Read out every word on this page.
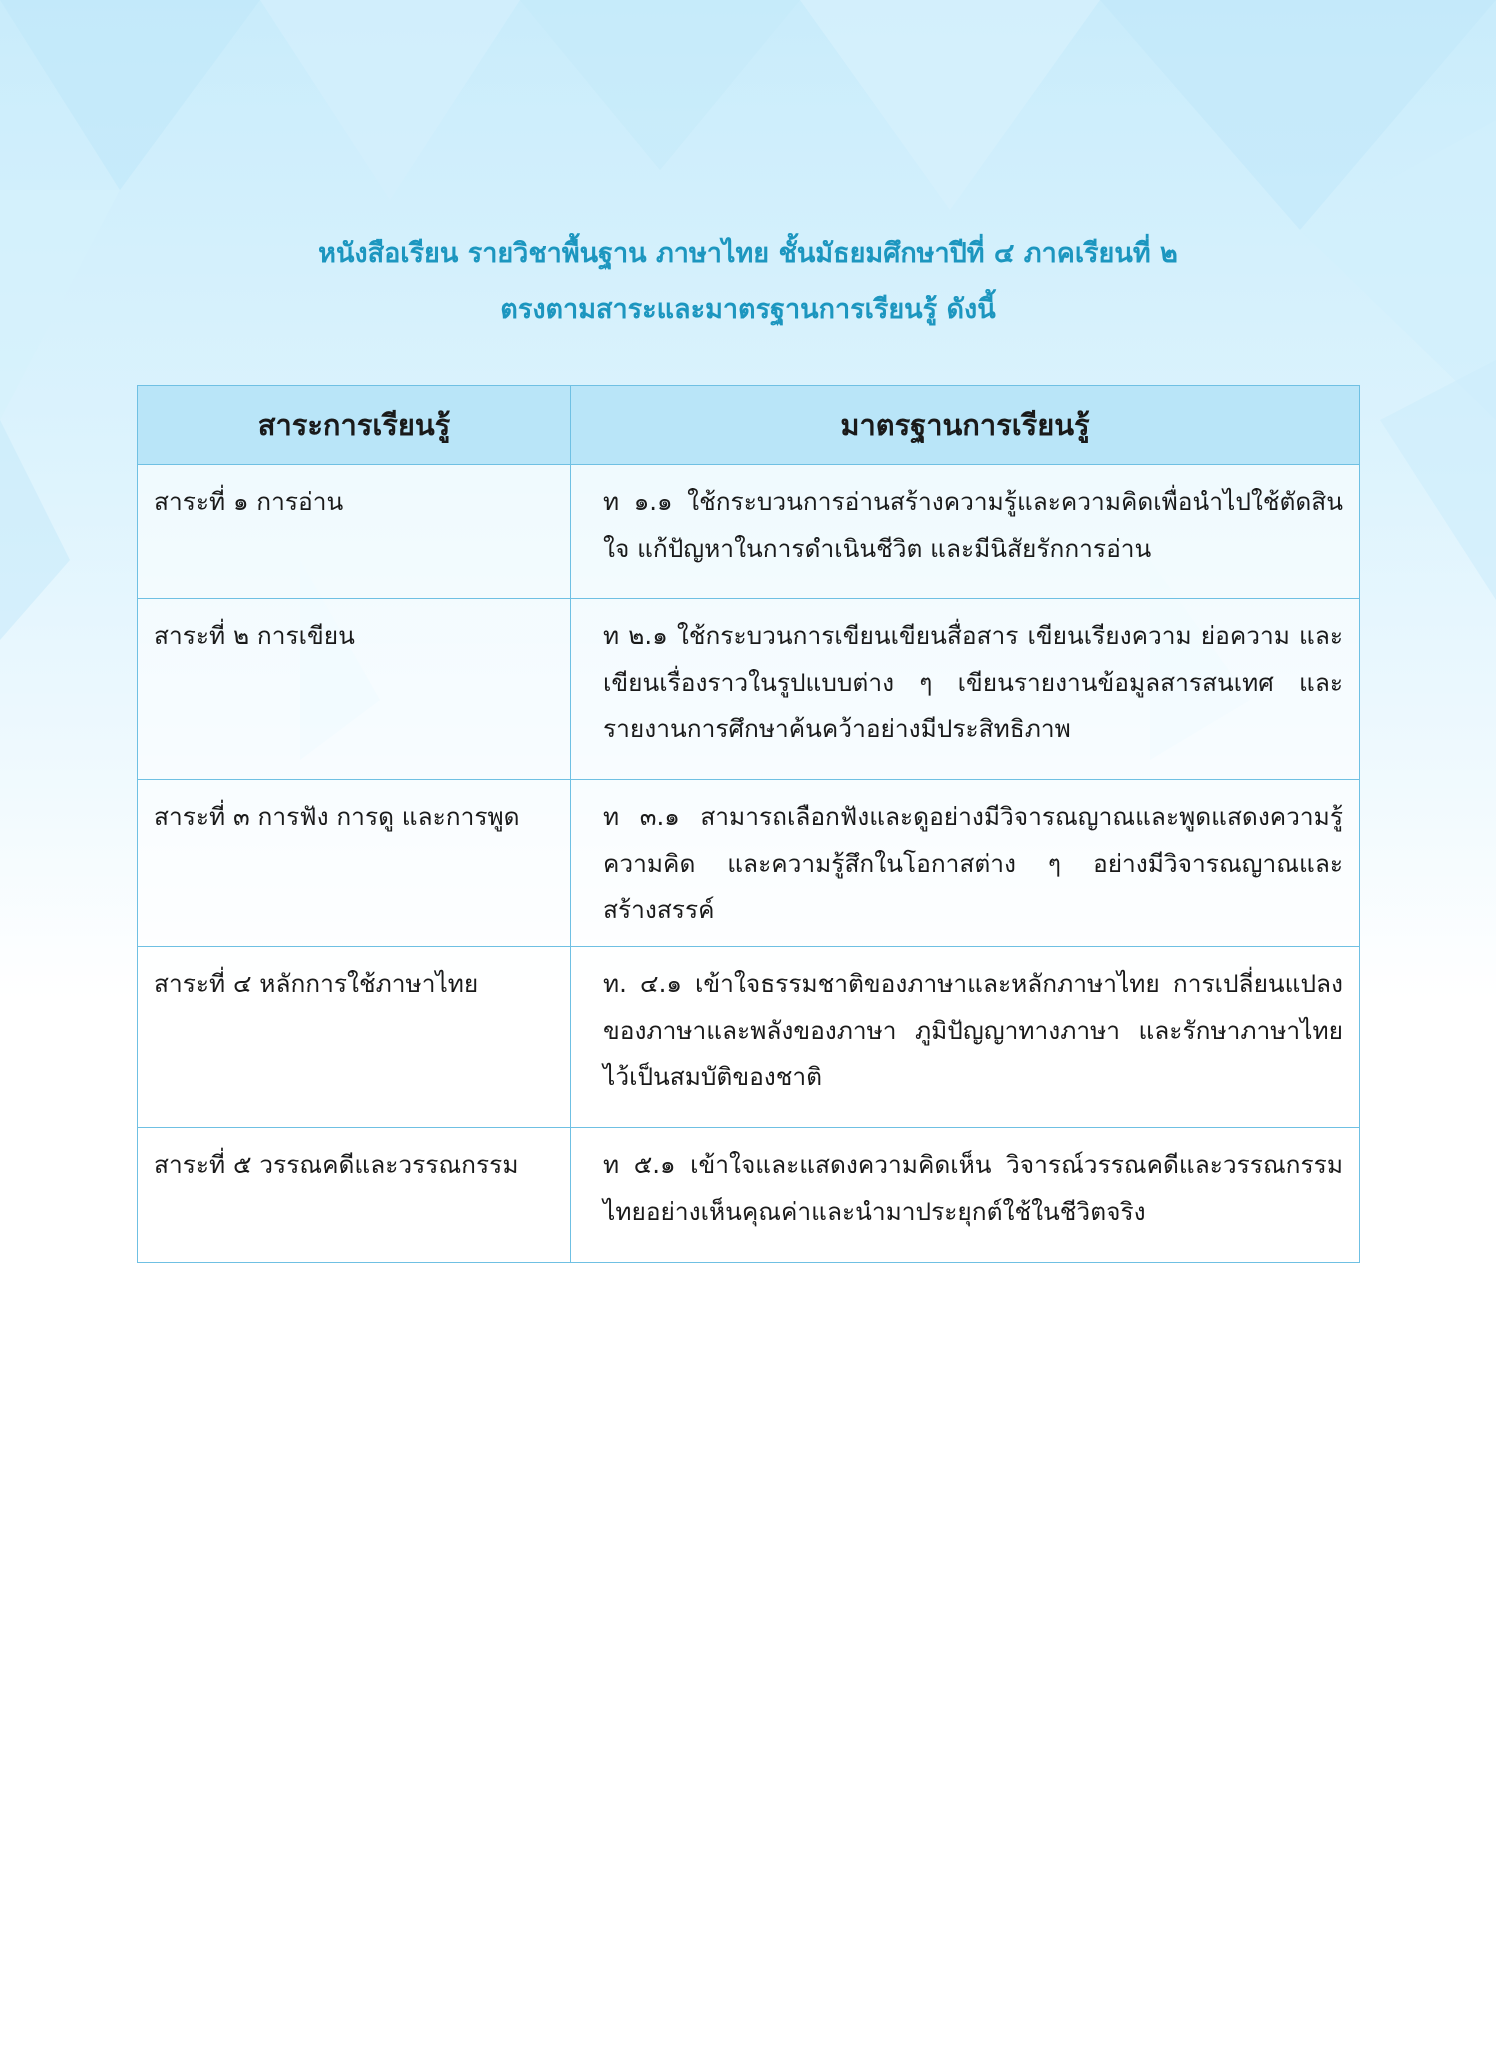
หนังสือเรียน รายวิชาพื้นฐาน ภาษาไทย ชั้นมัธยมศึกษาปีที่ ๔ ภาคเรียนที่ ๒
ตรงตามสาระและมาตรฐานการเรียนรู้ ดังนี้
สาระการเรียนรู้	มาตรฐานการเรียนรู้
สาระที่ ๑ การอ่าน	ท ๑.๑ ใช้กระบวนการอ่านสร้างความรู้และความคิดเพื่อนำไปใช้ตัดสินใจ แก้ปัญหาในการดำเนินชีวิต และมีนิสัยรักการอ่าน
สาระที่ ๒ การเขียน	ท ๒.๑ ใช้กระบวนการเขียนเขียนสื่อสาร เขียนเรียงความ ย่อความ และเขียนเรื่องราวในรูปแบบต่าง ๆ เขียนรายงานข้อมูลสารสนเทศ และรายงานการศึกษาค้นคว้าอย่างมีประสิทธิภาพ
สาระที่ ๓ การฟัง การดู และการพูด	ท ๓.๑ สามารถเลือกฟังและดูอย่างมีวิจารณญาณและพูดแสดงความรู้ ความคิด และความรู้สึกในโอกาสต่าง ๆ อย่างมีวิจารณญาณและสร้างสรรค์
สาระที่ ๔ หลักการใช้ภาษาไทย	ท. ๔.๑ เข้าใจธรรมชาติของภาษาและหลักภาษาไทย การเปลี่ยนแปลงของภาษาและพลังของภาษา ภูมิปัญญาทางภาษา และรักษาภาษาไทยไว้เป็นสมบัติของชาติ
สาระที่ ๕ วรรณคดีและวรรณกรรม	ท ๕.๑ เข้าใจและแสดงความคิดเห็น วิจารณ์วรรณคดีและวรรณกรรมไทยอย่างเห็นคุณค่าและนำมาประยุกต์ใช้ในชีวิตจริง
